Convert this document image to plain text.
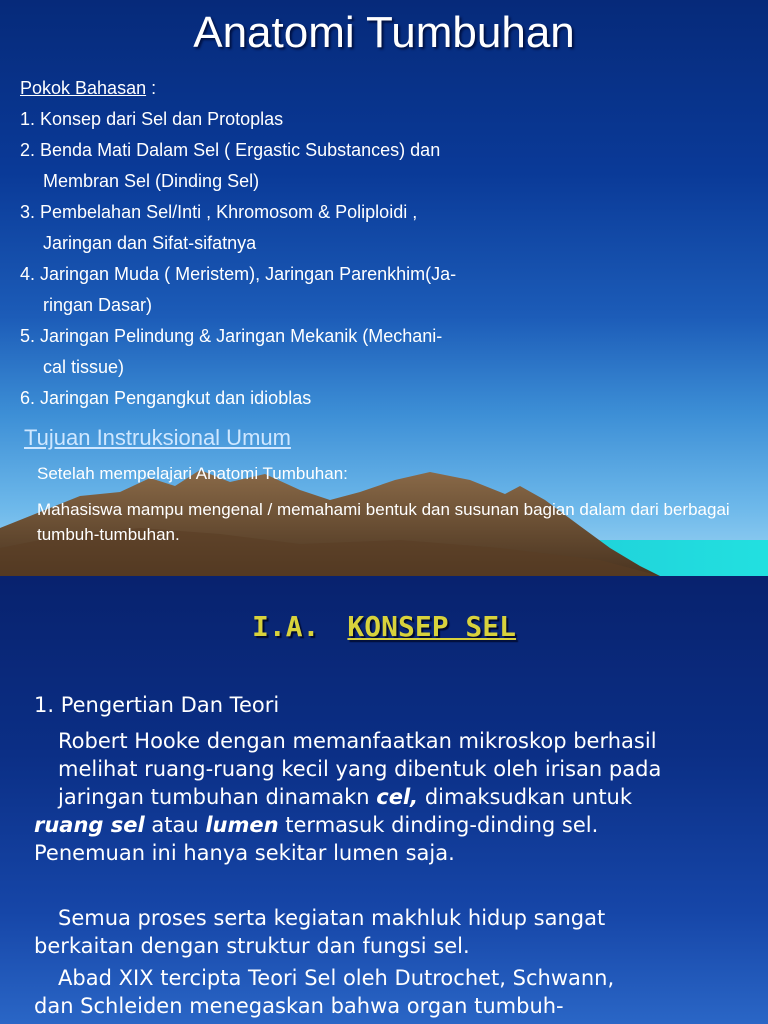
Anatomi Tumbuhan
Pokok Bahasan :
1. Konsep dari Sel dan Protoplas
2. Benda Mati Dalam Sel ( Ergastic Substances) dan
Membran Sel (Dinding Sel)
3. Pembelahan Sel/Inti , Khromosom & Poliploidi ,
Jaringan dan Sifat-sifatnya
4. Jaringan Muda ( Meristem), Jaringan Parenkhim(Ja-
ringan Dasar)
5. Jaringan Pelindung & Jaringan Mekanik (Mechani-
cal tissue)
6. Jaringan Pengangkut dan idioblas
Tujuan Instruksional Umum
Setelah mempelajari Anatomi Tumbuhan:
Mahasiswa mampu mengenal / memahami bentuk dan susunan bagian dalam dari berbagai tumbuh-tumbuhan.
I.A. KONSEP SEL
1. Pengertian Dan Teori
Robert Hooke dengan memanfaatkan mikroskop berhasil
melihat ruang-ruang kecil yang dibentuk oleh irisan pada
jaringan tumbuhan dinamakn cel, dimaksudkan untuk
ruang sel atau lumen termasuk dinding-dinding sel.
Penemuan ini hanya sekitar lumen saja.
Semua proses serta kegiatan makhluk hidup sangat
berkaitan dengan struktur dan fungsi sel.
Abad XIX tercipta Teori Sel oleh Dutrochet, Schwann,
dan Schleiden menegaskan bahwa organ tumbuh-
